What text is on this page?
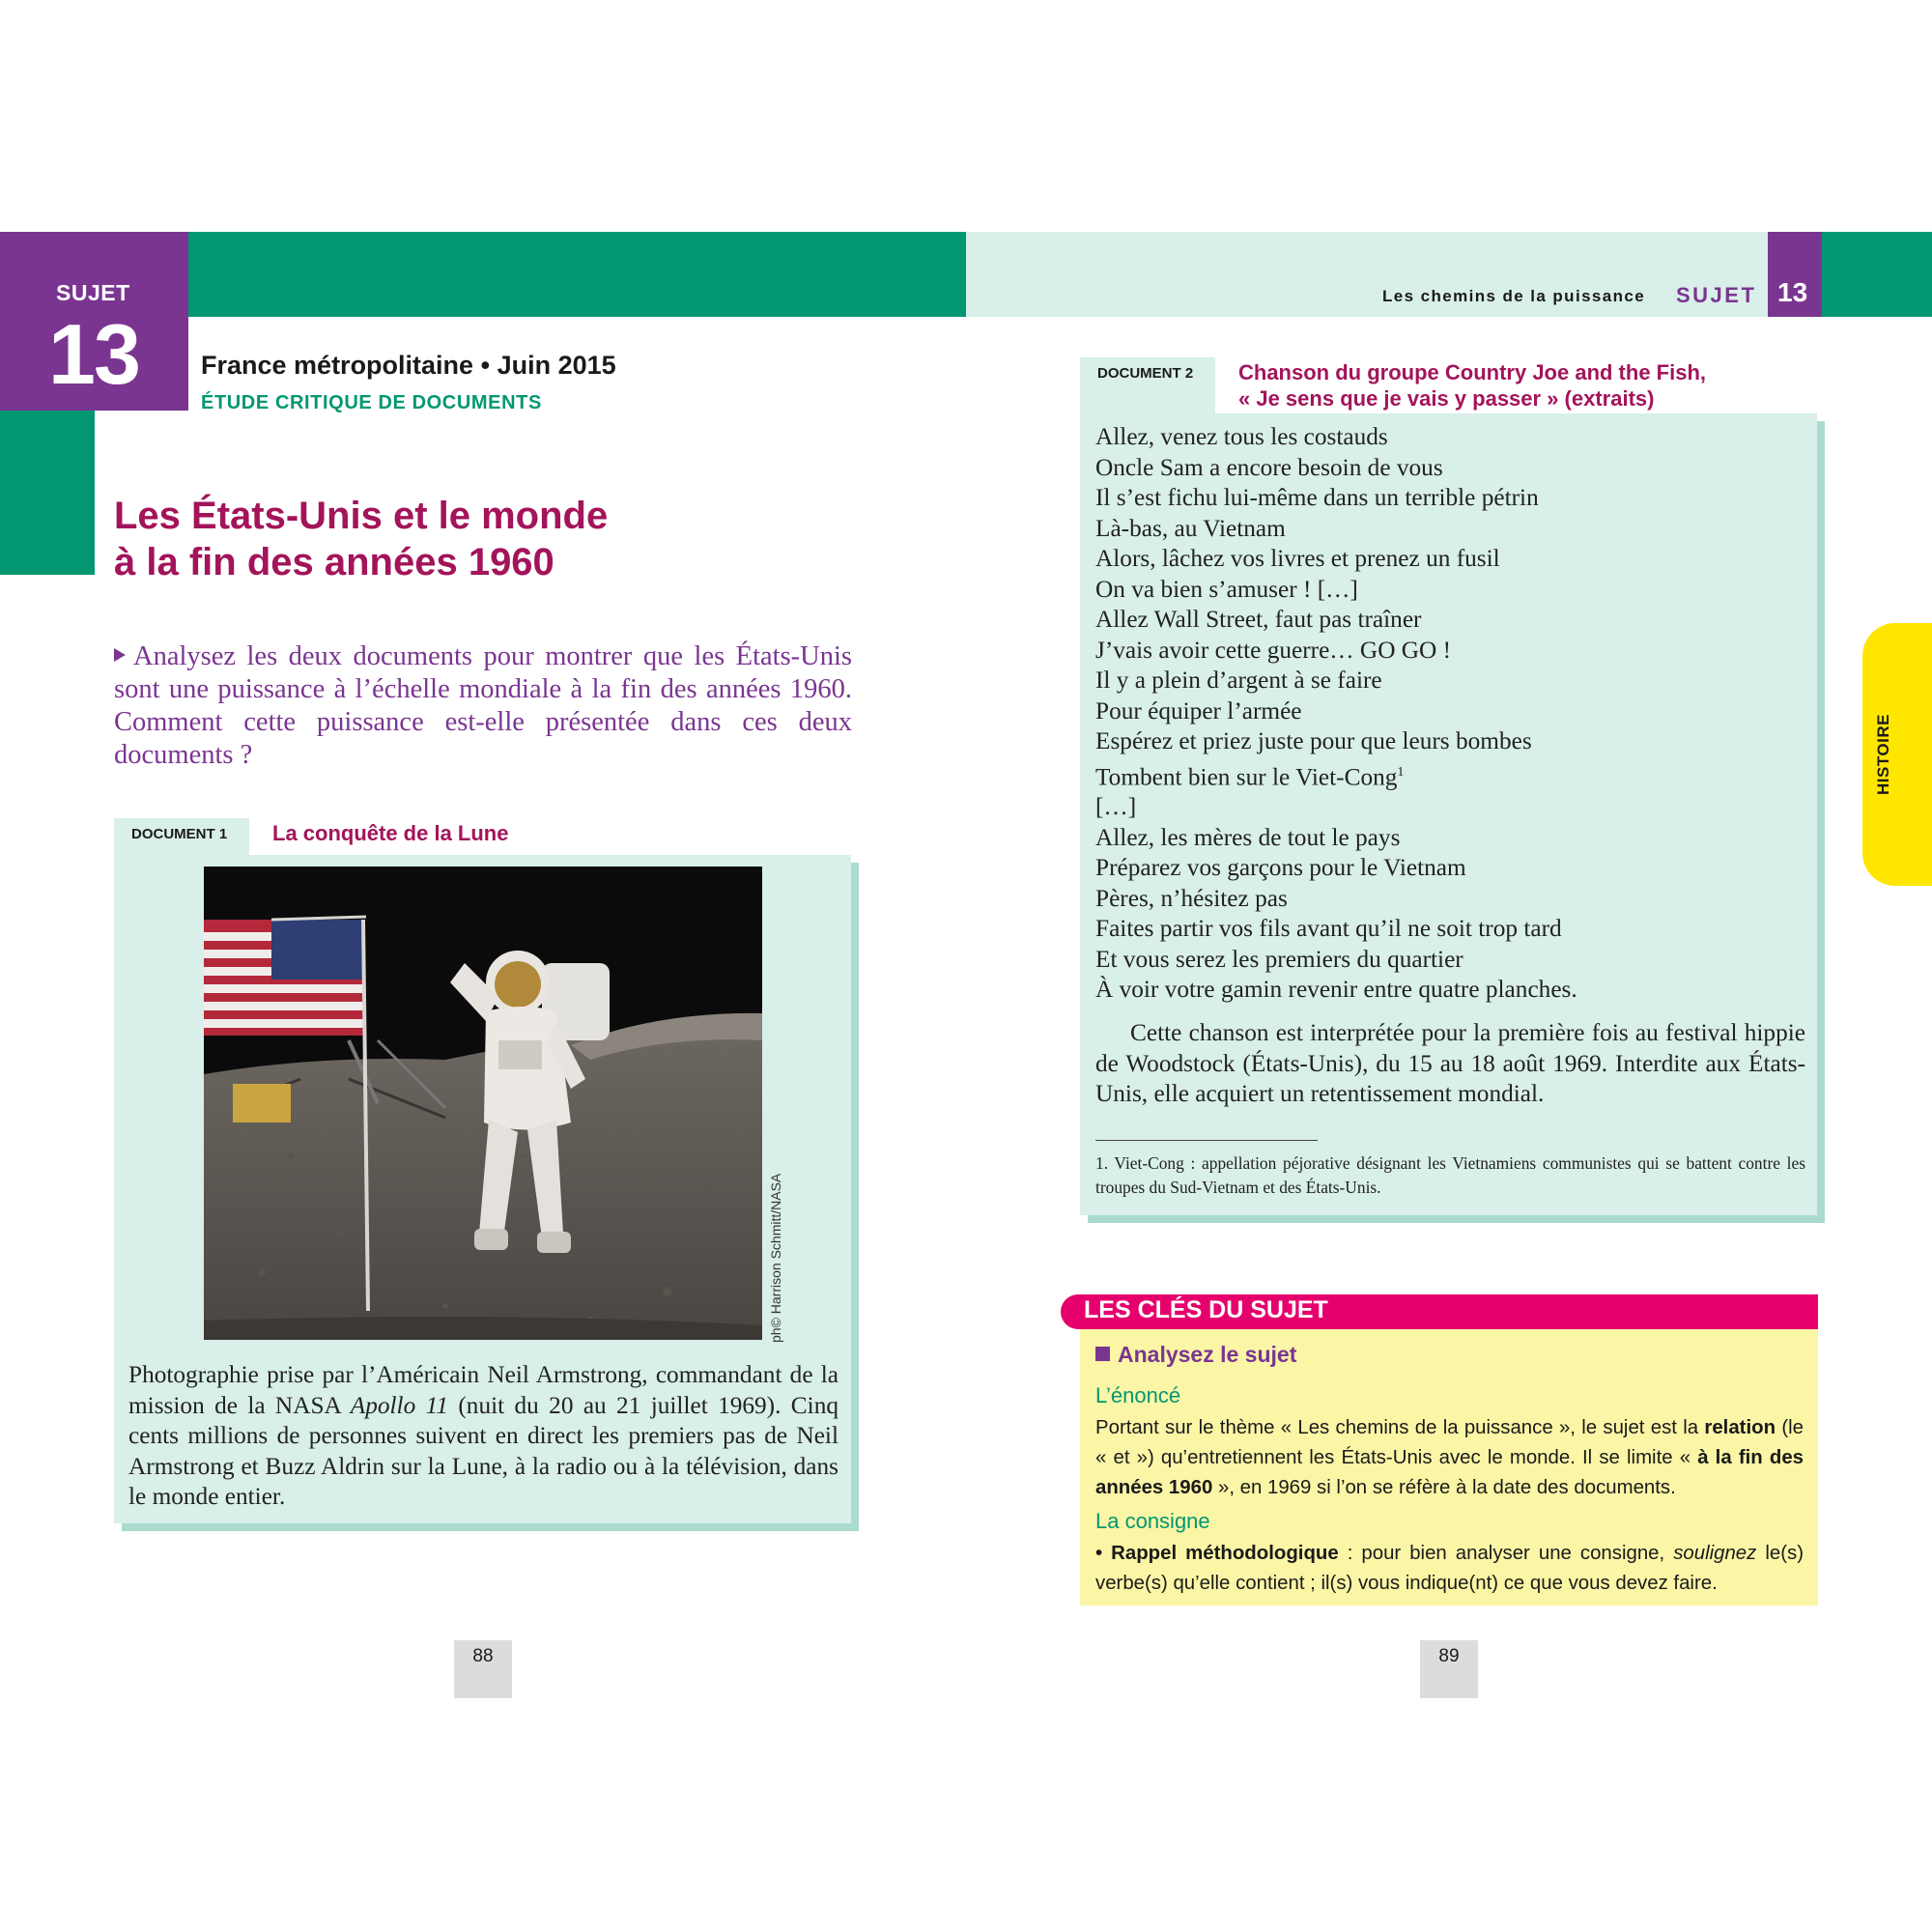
SUJET
13 France métropolitaine • Juin 2015
ÉTUDE CRITIQUE DE DOCUMENTS
Les États-Unis et le monde
à la fin des années 1960
Analysez les deux documents pour montrer que les États-Unis sont une puissance à l’échelle mondiale à la fin des années 1960. Comment cette puissance est-elle présentée dans ces deux documents ?
DOCUMENT 1	La conquête de la Lune
ph© Harrison Schmitt/NASA
Photographie prise par l’Américain Neil Armstrong, commandant de la mission de la NASA Apollo 11 (nuit du 20 au 21 juillet 1969). Cinq cents millions de personnes suivent en direct les premiers pas de Neil Armstrong et Buzz Aldrin sur la Lune, à la radio ou à la télévision, dans le monde entier.
88
Les chemins de la puissance SUJET 13
DOCUMENT 2	Chanson du groupe Country Joe and the Fish,
« Je sens que je vais y passer » (extraits)
Allez, venez tous les costauds
Oncle Sam a encore besoin de vous
Il s’est fichu lui-même dans un terrible pétrin
Là-bas, au Vietnam
Alors, lâchez vos livres et prenez un fusil
On va bien s’amuser ! […]
Allez Wall Street, faut pas traîner
J’vais avoir cette guerre… GO GO !
Il y a plein d’argent à se faire
Pour équiper l’armée
Espérez et priez juste pour que leurs bombes
Tombent bien sur le Viet-Cong$^1$
[…]
Allez, les mères de tout le pays
Préparez vos garçons pour le Vietnam
Pères, n’hésitez pas
Faites partir vos fils avant qu’il ne soit trop tard
Et vous serez les premiers du quartier
À voir votre gamin revenir entre quatre planches.
Cette chanson est interprétée pour la première fois au festival hippie de Woodstock (États-Unis), du 15 au 18 août 1969. Interdite aux États-Unis, elle acquiert un retentissement mondial.
1. Viet-Cong : appellation péjorative désignant les Vietnamiens communistes qui se battent contre les troupes du Sud-Vietnam et des États-Unis.
HISTOIRE
LES CLÉS DU SUJET
Analysez le sujet
L’énoncé
Portant sur le thème « Les chemins de la puissance », le sujet est la relation (le « et ») qu’entretiennent les États-Unis avec le monde. Il se limite « à la fin des années 1960 », en 1969 si l’on se réfère à la date des documents.
La consigne
• Rappel méthodologique : pour bien analyser une consigne, soulignez le(s) verbe(s) qu’elle contient ; il(s) vous indique(nt) ce que vous devez faire.
89
